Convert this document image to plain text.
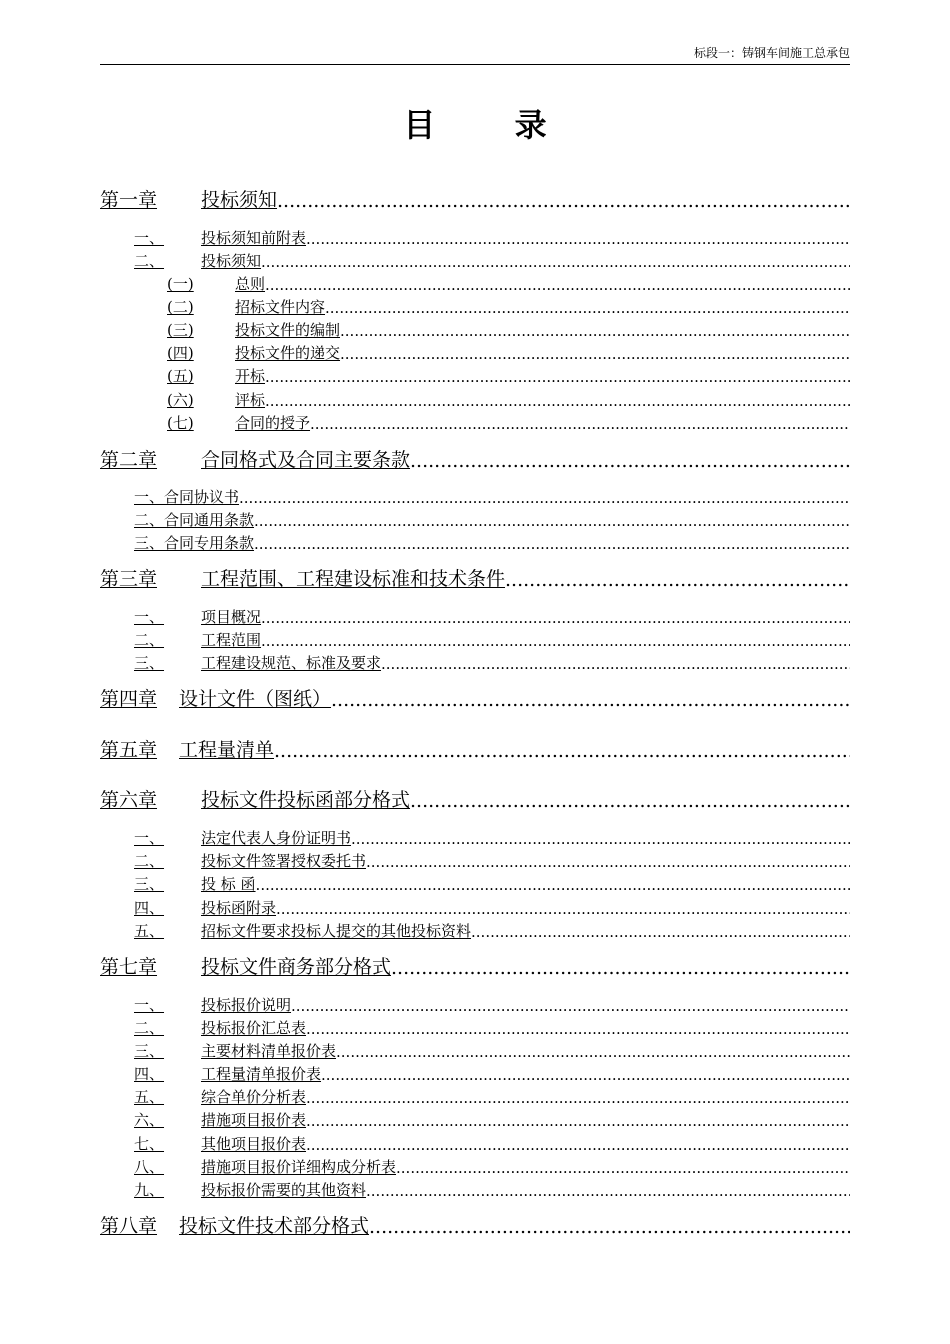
标段一：铸钢车间施工总承包
目 录
第一章	投标须知
.....
一、	投标须知前附表
.....
二、	投标须知
.....
(一)	总则
.....
(二)	招标文件内容
.....
(三)	投标文件的编制
.....
(四)	投标文件的递交
.....
(五)	开标
.....
(六)	评标
.....
(七)	合同的授予
.....
第二章	合同格式及合同主要条款
.....
一、合同协议书
.....
二、合同通用条款
.....
三、合同专用条款
.....
第三章	工程范围、工程建设标准和技术条件
.....
一、	项目概况
.....
二、	工程范围
.....
三、	工程建设规范、标准及要求
.....
第四章	设计文件（图纸）
.....
第五章	工程量清单
.....
第六章	投标文件投标函部分格式
.....
一、	法定代表人身份证明书
.....
二、	投标文件签署授权委托书
.....
三、	投 标 函
.....
四、	投标函附录
.....
五、	招标文件要求投标人提交的其他投标资料
.....
第七章	投标文件商务部分格式
.....
一、	投标报价说明
.....
二、	投标报价汇总表
.....
三、	主要材料清单报价表
.....
四、	工程量清单报价表
.....
五、	综合单价分析表
.....
六、	措施项目报价表
.....
七、	其他项目报价表
.....
八、	措施项目报价详细构成分析表
.....
九、	投标报价需要的其他资料
.....
第八章	投标文件技术部分格式
.....
